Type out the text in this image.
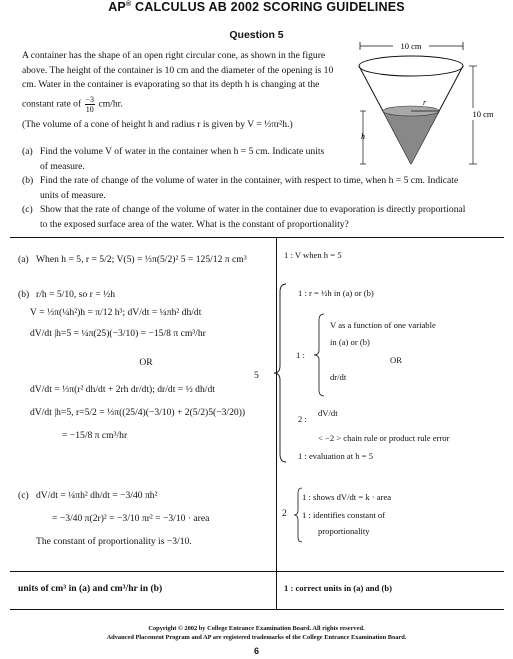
AP® CALCULUS AB 2002 SCORING GUIDELINES
Question 5
A container has the shape of an open right circular cone, as shown in the figure
above. The height of the container is 10 cm and the diameter of the opening is 10
cm. Water in the container is evaporating so that its depth h is changing at the
constant rate of $\frac{-3}{10} cm/hr$.
(The volume of a cone of height h and radius r is given by V = ⅓πr²h.)
(a) Find the volume V of water in the container when h = 5 cm. Indicate units
of measure.
(b) Find the rate of change of the volume of water in the container, with respect to time, when h = 5 cm. Indicate
units of measure.
(c) Show that the rate of change of the volume of water in the container due to evaporation is directly proportional
to the exposed surface area of the water. What is the constant of proportionality?
10 cm
r
h
10 cm
(a) When h = 5, r = 5/2; V(5) = ⅓π(5/2)² 5 = 125/12 π cm³
(b) r/h = 5/10, so r = ½h
V = ⅓π(¼h²)h = π/12 h³; dV/dt = ¼πh² dh/dt
dV/dt |h=5 = ¼π(25)(−3/10) = −15/8 π cm³/hr
OR
dV/dt = ⅓π(r² dh/dt + 2rh dr/dt); dr/dt = ½ dh/dt
dV/dt |h=5, r=5/2 = ⅓π((25/4)(−3/10) + 2(5/2)5(−3/20))
= −15/8 π cm³/hr
(c) dV/dt = ¼πh² dh/dt = −3/40 πh²
= −3/40 π(2r)² = −3/10 πr² = −3/10 · area
The constant of proportionality is −3/10.
units of cm³ in (a) and cm³/hr in (b)
1 : V when h = 5
5
1 : r = ½h in (a) or (b)
1 :
V as a function of one variable
in (a) or (b)
OR
dr/dt
2 :
dV/dt
< −2 > chain rule or product rule error
1 : evaluation at h = 5
2
1 : shows dV/dt = k · area
1 : identifies constant of
proportionality
1 : correct units in (a) and (b)
Copyright © 2002 by College Entrance Examination Board. All rights reserved.
Advanced Placement Program and AP are registered trademarks of the College Entrance Examination Board.
6
